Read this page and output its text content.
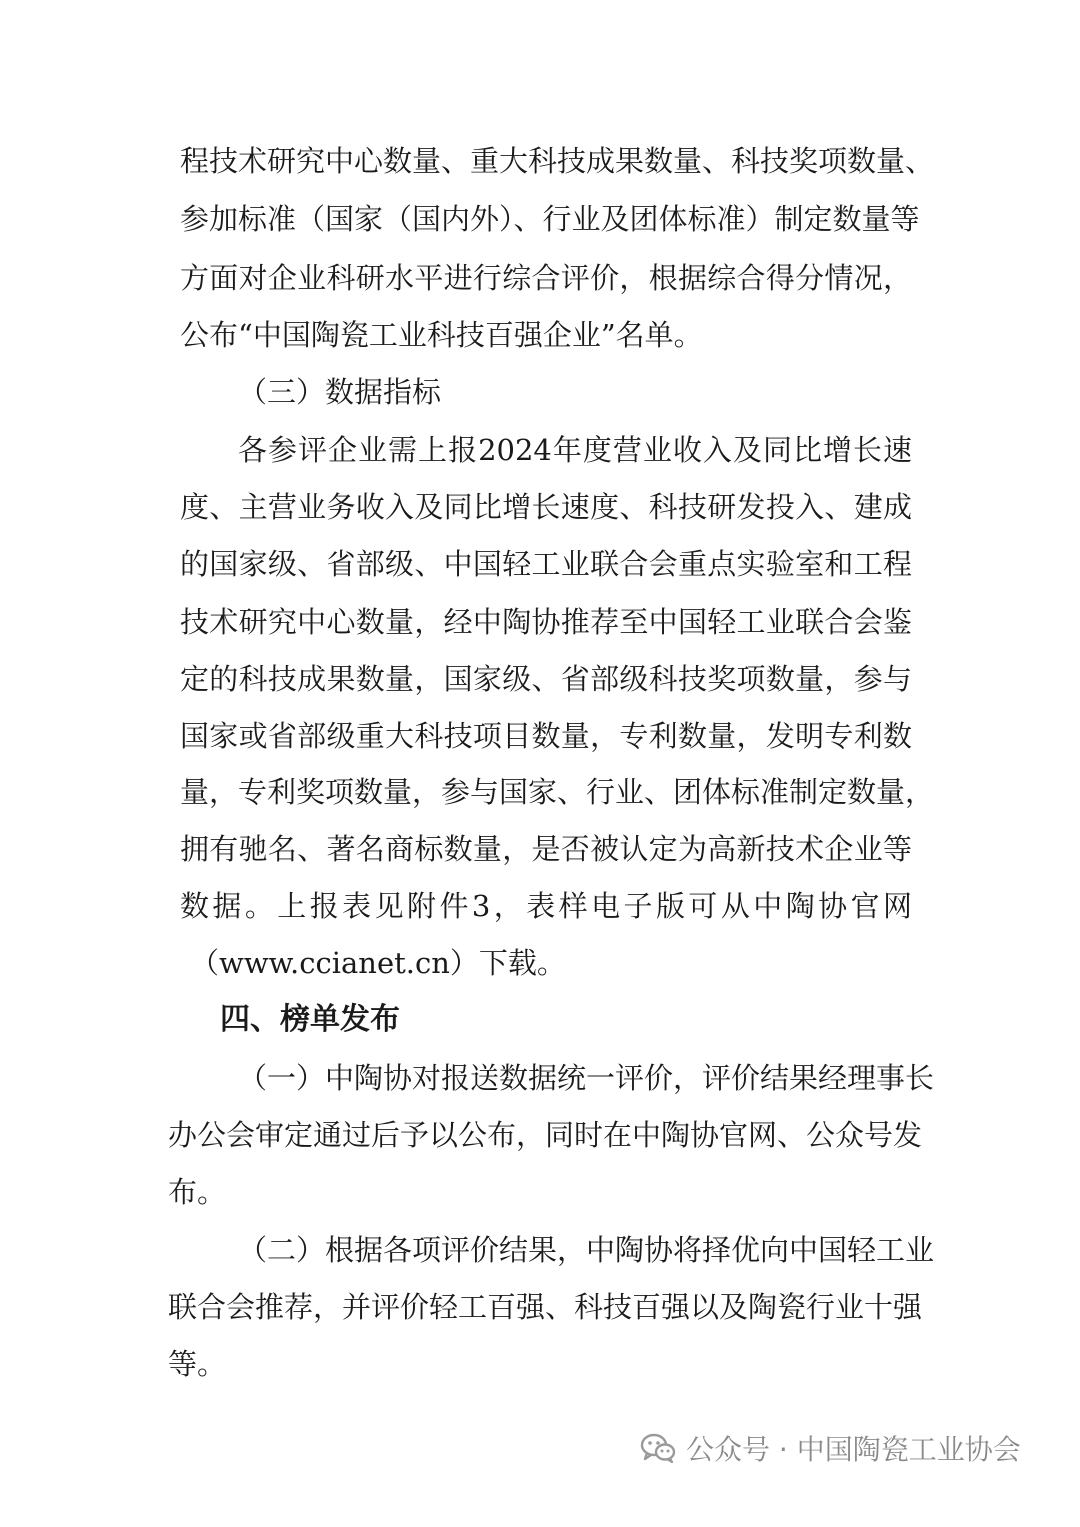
程技术研究中心数量、重大科技成果数量、科技奖项数量、
参加标准（国家（国内外）、行业及团体标准）制定数量等
方面对企业科研水平进行综合评价，根据综合得分情况，
公布“中国陶瓷工业科技百强企业”名单。
（三）数据指标
各参评企业需上报2024年度营业收入及同比增长速
度、主营业务收入及同比增长速度、科技研发投入、建成
的国家级、省部级、中国轻工业联合会重点实验室和工程
技术研究中心数量，经中陶协推荐至中国轻工业联合会鉴
定的科技成果数量，国家级、省部级科技奖项数量，参与
国家或省部级重大科技项目数量，专利数量，发明专利数
量，专利奖项数量，参与国家、行业、团体标准制定数量，
拥有驰名、著名商标数量，是否被认定为高新技术企业等
数据。上报表见附件3，表样电子版可从中陶协官网
（www.ccianet.cn）下载。
四、榜单发布
（一）中陶协对报送数据统一评价，评价结果经理事长
办公会审定通过后予以公布，同时在中陶协官网、公众号发
布。
（二）根据各项评价结果，中陶协将择优向中国轻工业
联合会推荐，并评价轻工百强、科技百强以及陶瓷行业十强
等。
公众号 · 中国陶瓷工业协会
